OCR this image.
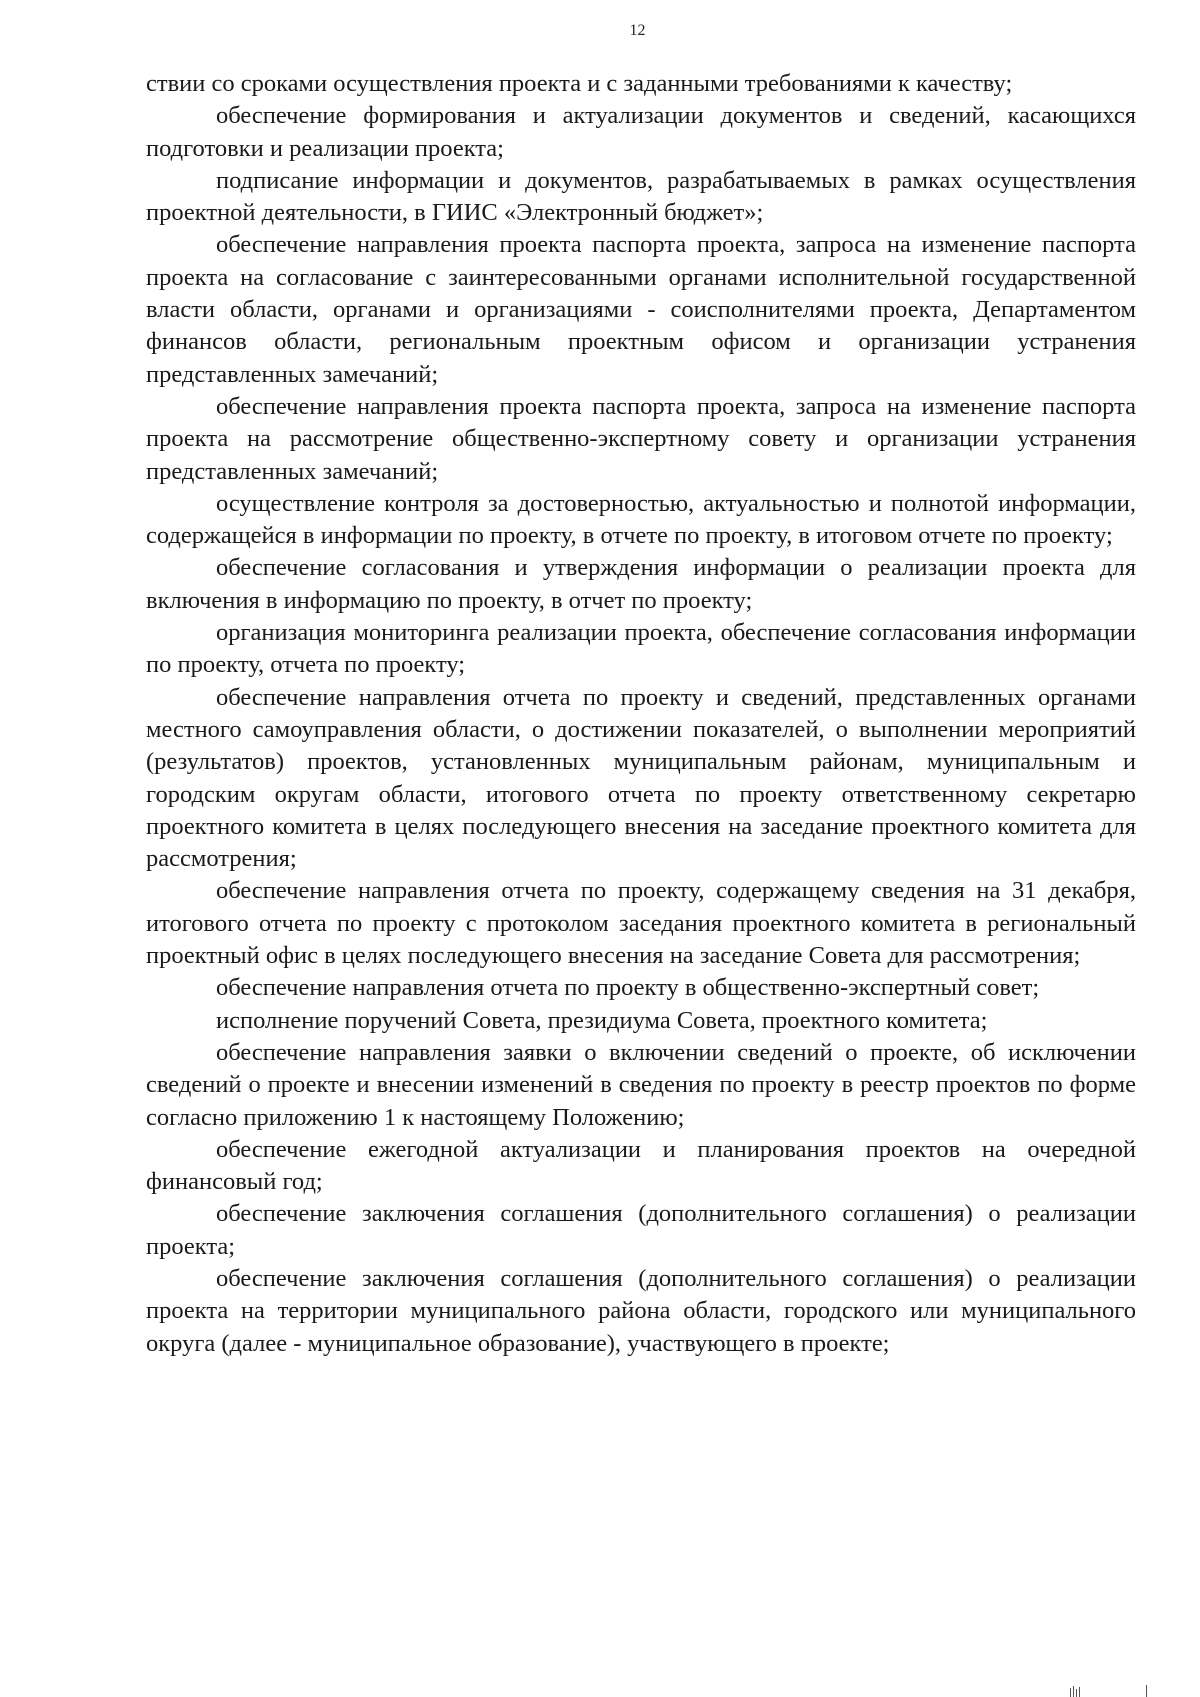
12

ствии со сроками осуществления проекта и с заданными требованиями к качеству;

обеспечение формирования и актуализации документов и сведений, касающихся подготовки и реализации проекта;

подписание информации и документов, разрабатываемых в рамках осуществления проектной деятельности, в ГИИС «Электронный бюджет»;

обеспечение направления проекта паспорта проекта, запроса на изменение паспорта проекта на согласование с заинтересованными органами исполнительной государственной власти области, органами и организациями - соисполнителями проекта, Департаментом финансов области, региональным проектным офисом и организации устранения представленных замечаний;

обеспечение направления проекта паспорта проекта, запроса на изменение паспорта проекта на рассмотрение общественно-экспертному совету и организации устранения представленных замечаний;

осуществление контроля за достоверностью, актуальностью и полнотой информации, содержащейся в информации по проекту, в отчете по проекту, в итоговом отчете по проекту;

обеспечение согласования и утверждения информации о реализации проекта для включения в информацию по проекту, в отчет по проекту;

организация мониторинга реализации проекта, обеспечение согласования информации по проекту, отчета по проекту;

обеспечение направления отчета по проекту и сведений, представленных органами местного самоуправления области, о достижении показателей, о выполнении мероприятий (результатов) проектов, установленных муниципальным районам, муниципальным и городским округам области, итогового отчета по проекту ответственному секретарю проектного комитета в целях последующего внесения на заседание проектного комитета для рассмотрения;

обеспечение направления отчета по проекту, содержащему сведения на 31 декабря, итогового отчета по проекту с протоколом заседания проектного комитета в региональный проектный офис в целях последующего внесения на заседание Совета для рассмотрения;

обеспечение направления отчета по проекту в общественно-экспертный совет;

исполнение поручений Совета, президиума Совета, проектного комитета;

обеспечение направления заявки о включении сведений о проекте, об исключении сведений о проекте и внесении изменений в сведения по проекту в реестр проектов по форме согласно приложению 1 к настоящему Положению;

обеспечение ежегодной актуализации и планирования проектов на очередной финансовый год;

обеспечение заключения соглашения (дополнительного соглашения) о реализации проекта;

обеспечение заключения соглашения (дополнительного соглашения) о реализации проекта на территории муниципального района области, городского или муниципального округа (далее - муниципальное образование), участвующего в проекте;
